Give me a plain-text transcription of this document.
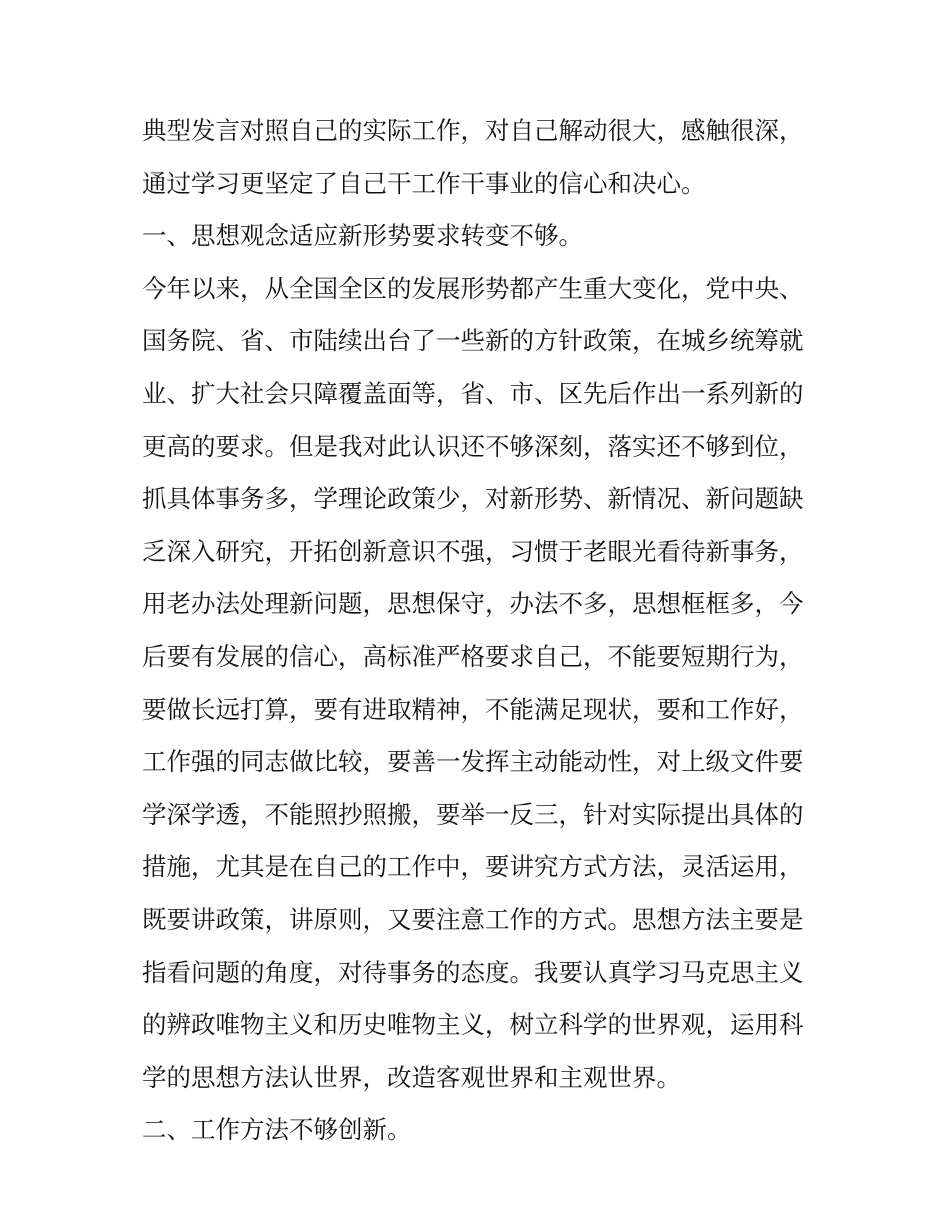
典型发言对照自己的实际工作，对自己解动很大，感触很深，
通过学习更坚定了自己干工作干事业的信心和决心。
一、思想观念适应新形势要求转变不够。
今年以来，从全国全区的发展形势都产生重大变化，党中央、
国务院、省、市陆续出台了一些新的方针政策，在城乡统筹就
业、扩大社会只障覆盖面等，省、市、区先后作出一系列新的
更高的要求。但是我对此认识还不够深刻，落实还不够到位，
抓具体事务多，学理论政策少，对新形势、新情况、新问题缺
乏深入研究，开拓创新意识不强，习惯于老眼光看待新事务，
用老办法处理新问题，思想保守，办法不多，思想框框多，今
后要有发展的信心，高标准严格要求自己，不能要短期行为，
要做长远打算，要有进取精神，不能满足现状，要和工作好，
工作强的同志做比较，要善一发挥主动能动性，对上级文件要
学深学透，不能照抄照搬，要举一反三，针对实际提出具体的
措施，尤其是在自己的工作中，要讲究方式方法，灵活运用，
既要讲政策，讲原则，又要注意工作的方式。思想方法主要是
指看问题的角度，对待事务的态度。我要认真学习马克思主义
的辨政唯物主义和历史唯物主义，树立科学的世界观，运用科
学的思想方法认世界，改造客观世界和主观世界。
二、工作方法不够创新。
